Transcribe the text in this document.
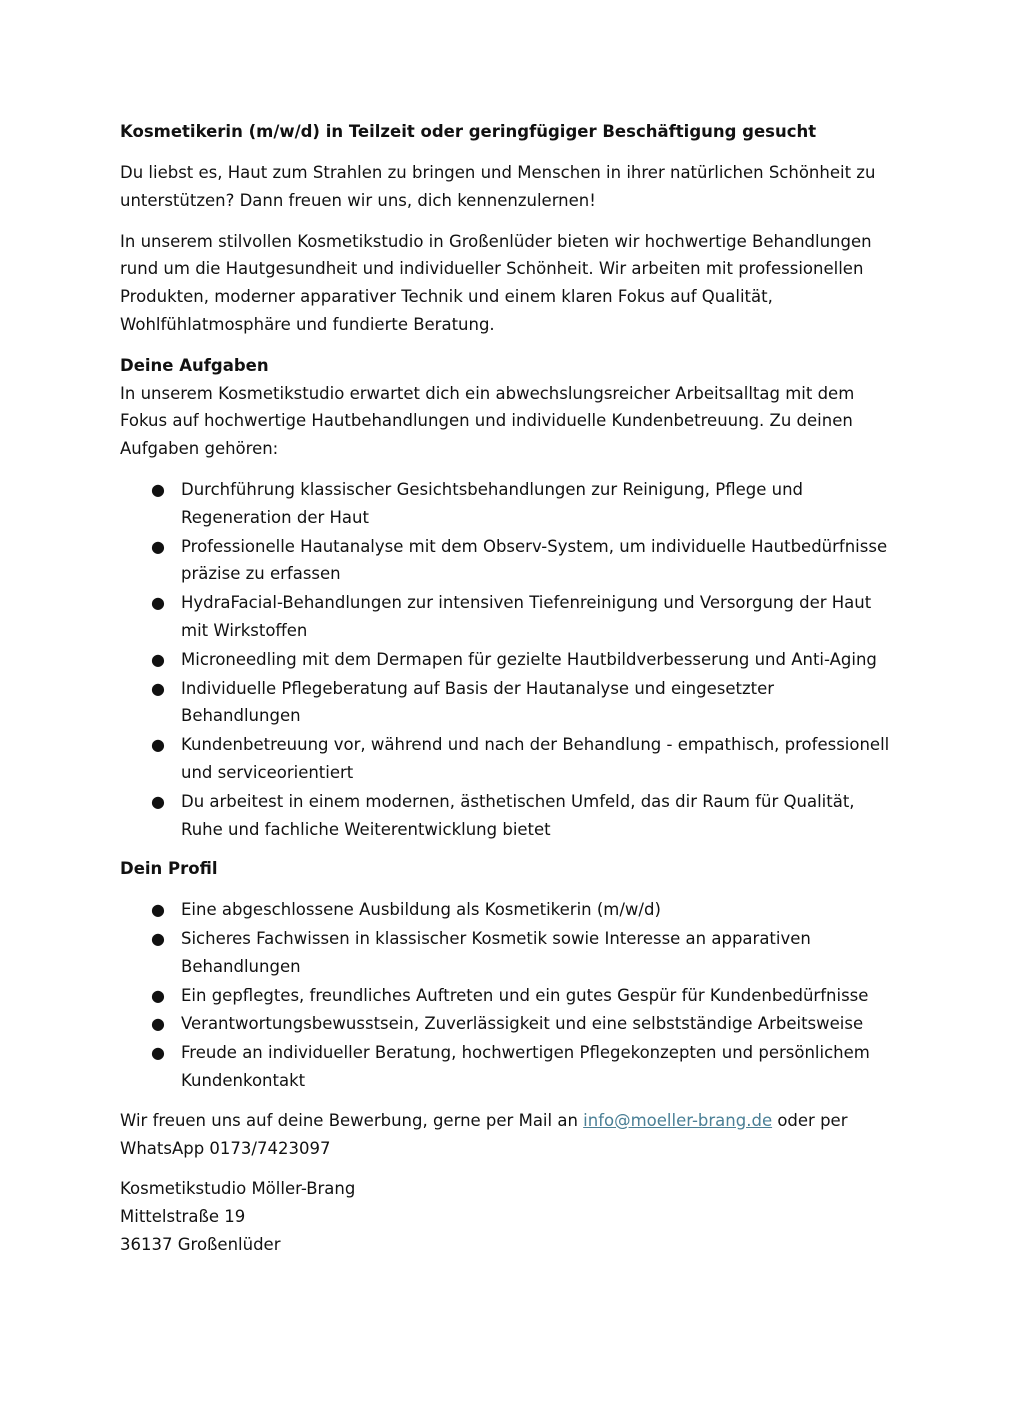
Kosmetikerin (m/w/d) in Teilzeit oder geringfügiger Beschäftigung gesucht

Du liebst es, Haut zum Strahlen zu bringen und Menschen in ihrer natürlichen Schönheit zu unterstützen? Dann freuen wir uns, dich kennenzulernen!

In unserem stilvollen Kosmetikstudio in Großenlüder bieten wir hochwertige Behandlungen rund um die Hautgesundheit und individueller Schönheit. Wir arbeiten mit professionellen Produkten, moderner apparativer Technik und einem klaren Fokus auf Qualität, Wohlfühlatmosphäre und fundierte Beratung.

Deine Aufgaben

In unserem Kosmetikstudio erwartet dich ein abwechslungsreicher Arbeitsalltag mit dem Fokus auf hochwertige Hautbehandlungen und individuelle Kundenbetreuung. Zu deinen Aufgaben gehören:

● Durchführung klassischer Gesichtsbehandlungen zur Reinigung, Pflege und Regeneration der Haut
● Professionelle Hautanalyse mit dem Observ-System, um individuelle Hautbedürfnisse präzise zu erfassen
● HydraFacial-Behandlungen zur intensiven Tiefenreinigung und Versorgung der Haut mit Wirkstoffen
● Microneedling mit dem Dermapen für gezielte Hautbildverbesserung und Anti-Aging
● Individuelle Pflegeberatung auf Basis der Hautanalyse und eingesetzter Behandlungen
● Kundenbetreuung vor, während und nach der Behandlung - empathisch, professionell und serviceorientiert
● Du arbeitest in einem modernen, ästhetischen Umfeld, das dir Raum für Qualität, Ruhe und fachliche Weiterentwicklung bietet
Dein Profil
● Eine abgeschlossene Ausbildung als Kosmetikerin (m/w/d)
● Sicheres Fachwissen in klassischer Kosmetik sowie Interesse an apparativen Behandlungen
● Ein gepflegtes, freundliches Auftreten und ein gutes Gespür für Kundenbedürfnisse
● Verantwortungsbewusstsein, Zuverlässigkeit und eine selbstständige Arbeitsweise
● Freude an individueller Beratung, hochwertigen Pflegekonzepten und persönlichem Kundenkontakt

Wir freuen uns auf deine Bewerbung, gerne per Mail an info@moeller-brang.de oder per WhatsApp 0173/7423097

Kosmetikstudio Möller-Brang

Mittelstraße 19

36137 Großenlüder
